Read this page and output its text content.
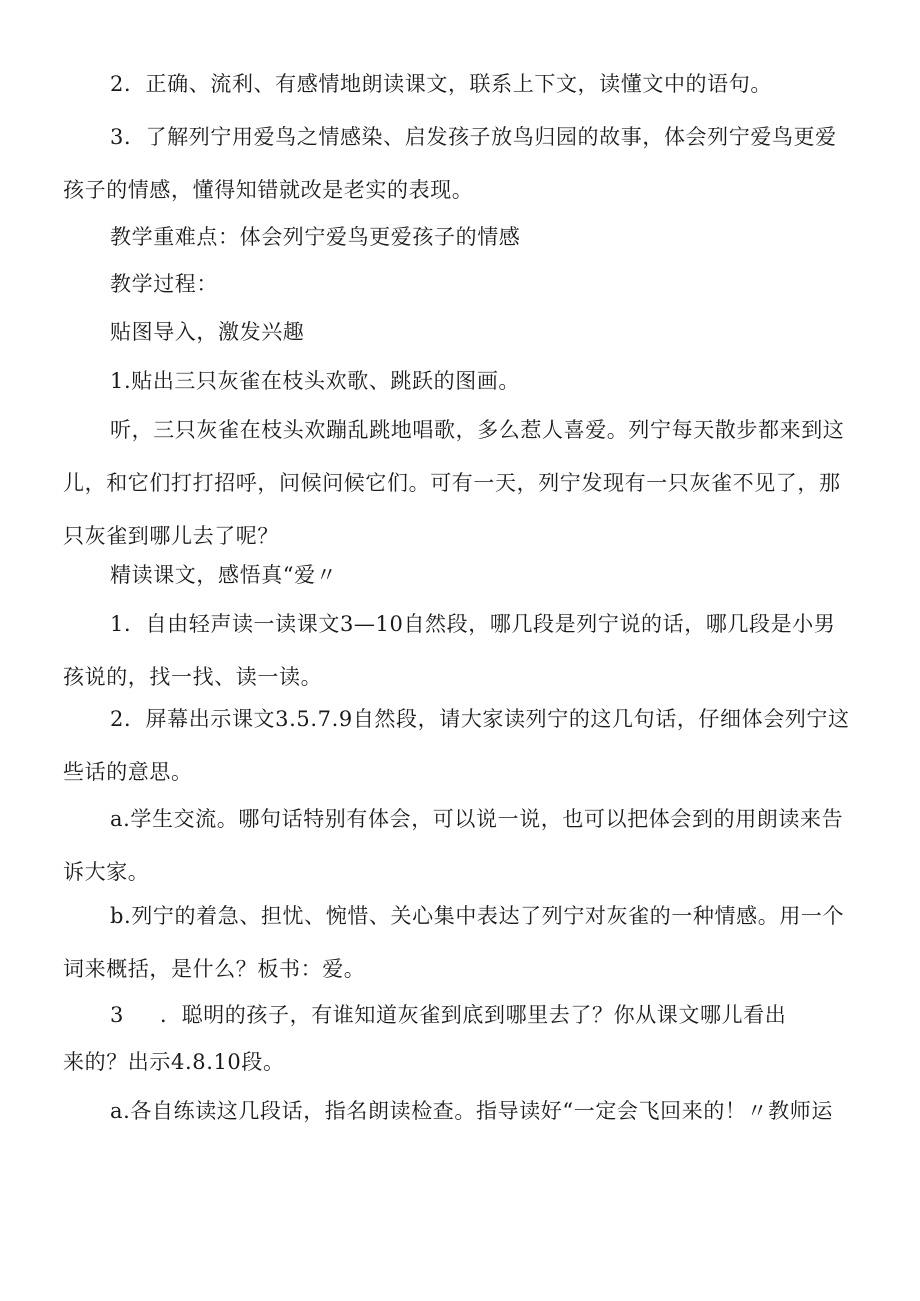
2．正确、流利、有感情地朗读课文，联系上下文，读懂文中的语句。

3．了解列宁用爱鸟之情感染、启发孩子放鸟归园的故事，体会列宁爱鸟更爱孩子的情感，懂得知错就改是老实的表现。

教学重难点：体会列宁爱鸟更爱孩子的情感

教学过程：

贴图导入，激发兴趣

1.贴出三只灰雀在枝头欢歌、跳跃的图画。

听，三只灰雀在枝头欢蹦乱跳地唱歌，多么惹人喜爱。列宁每天散步都来到这儿，和它们打打招呼，问候问候它们。可有一天，列宁发现有一只灰雀不见了，那只灰雀到哪儿去了呢？

精读课文，感悟真“爱〃

1．自由轻声读一读课文3—10自然段，哪几段是列宁说的话，哪几段是小男孩说的，找一找、读一读。

2．屏幕出示课文3.5.7.9自然段，请大家读列宁的这几句话，仔细体会列宁这些话的意思。

a.学生交流。哪句话特别有体会，可以说一说，也可以把体会到的用朗读来告诉大家。

b.列宁的着急、担忧、惋惜、关心集中表达了列宁对灰雀的一种情感。用一个词来概括，是什么？板书：爱。

3 ．聪明的孩子，有谁知道灰雀到底到哪里去了？你从课文哪儿看出
来的？出示4.8.10段。

a.各自练读这几段话，指名朗读检查。指导读好“一定会飞回来的！〃教师运
